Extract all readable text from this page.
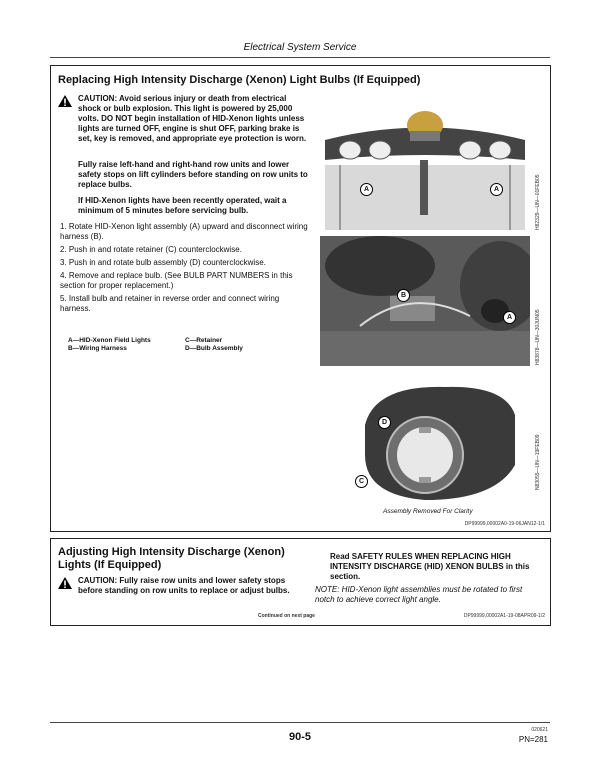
Electrical System Service
Replacing High Intensity Discharge (Xenon) Light Bulbs (If Equipped)
CAUTION: Avoid serious injury or death from electrical shock or bulb explosion. This light is powered by 25,000 volts. DO NOT begin installation of HID-Xenon lights unless lights are turned OFF, engine is shut OFF, parking brake is set, key is removed, and appropriate eye protection is worn.
Fully raise left-hand and right-hand row units and lower safety stops on lift cylinders before standing on row units to replace bulbs.
If HID-Xenon lights have been recently operated, wait a minimum of 5 minutes before servicing bulb.
1. Rotate HID-Xenon light assembly (A) upward and disconnect wiring harness (B).
2. Push in and rotate retainer (C) counterclockwise.
3. Push in and rotate bulb assembly (D) counterclockwise.
4. Remove and replace bulb. (See BULB PART NUMBERS in this section for proper replacement.)
5. Install bulb and retainer in reverse order and connect wiring harness.
A—HID-Xenon Field Lights
B—Wiring Harness
C—Retainer
D—Bulb Assembly
A	A	H82329—UN—01FEB05
B
A	H83878—UN—30JUN05
D
C	N83055—UN—19FEB09
Assembly Removed For Clarity
DP99999,00002A0-19-06JAN12-1/1
Adjusting High Intensity Discharge (Xenon) Lights (If Equipped)
CAUTION: Fully raise row units and lower safety stops before standing on row units to replace or adjust bulbs.
Read SAFETY RULES WHEN REPLACING HIGH INTENSITY DISCHARGE (HID) XENON BULBS in this section.
NOTE: HID-Xenon light assemblies must be rotated to first notch to achieve correct light angle.
Continued on next page	DP99999,00002A1-19-08APR09-1/2
90-5
020621
PN=281
